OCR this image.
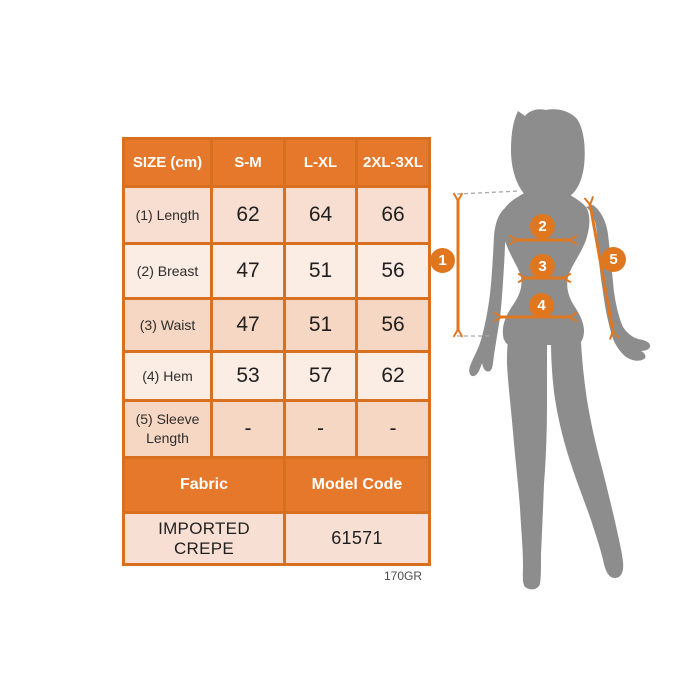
SIZE (cm)	S-M	L-XL	2XL-3XL
(1) Length	62	64	66
(2) Breast	47	51	56
(3) Waist	47	51	56
(4) Hem	53	57	62
(5) Sleeve Length	-	-	-
Fabric		Model Code	
IMPORTED CREPE		61571	
170GR
1
2
3
4
5
